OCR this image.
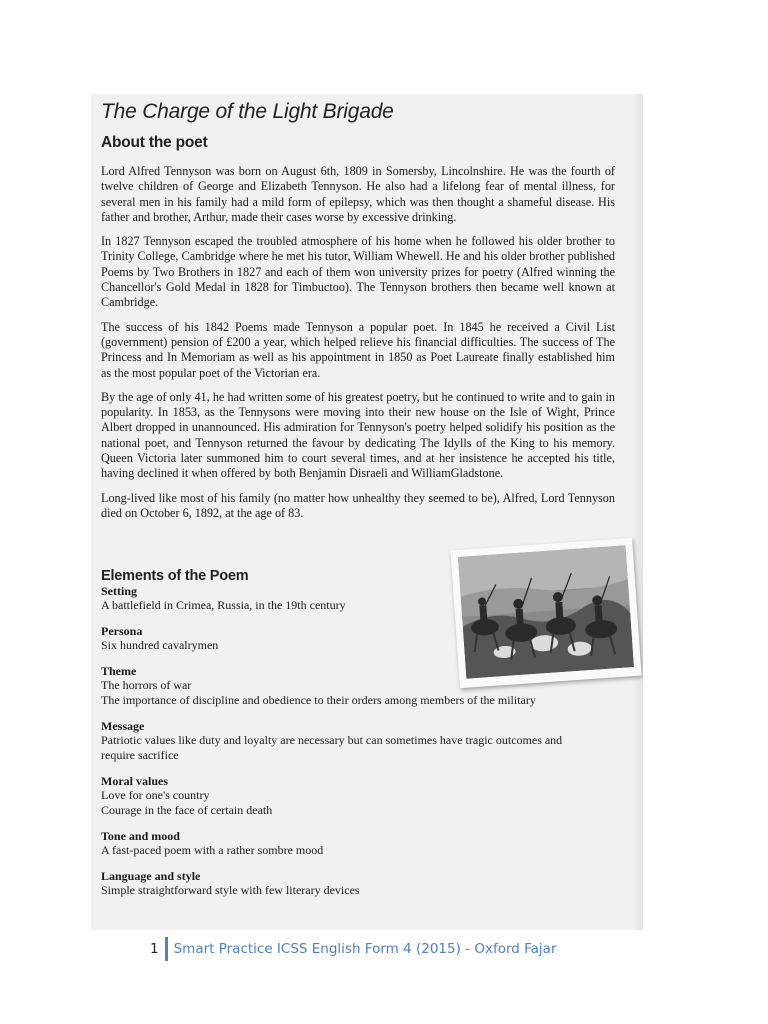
The Charge of the Light Brigade
About the poet

Lord Alfred Tennyson was born on August 6th, 1809 in Somersby, Lincolnshire. He was the fourth of twelve children of George and Elizabeth Tennyson. He also had a lifelong fear of mental illness, for several men in his family had a mild form of epilepsy, which was then thought a shameful disease. His father and brother, Arthur, made their cases worse by excessive drinking.

In 1827 Tennyson escaped the troubled atmosphere of his home when he followed his older brother to Trinity College, Cambridge where he met his tutor, William Whewell. He and his older brother published Poems by Two Brothers in 1827 and each of them won university prizes for poetry (Alfred winning the Chancellor's Gold Medal in 1828 for Timbuctoo). The Tennyson brothers then became well known at Cambridge.

The success of his 1842 Poems made Tennyson a popular poet. In 1845 he received a Civil List (government) pension of £200 a year, which helped relieve his financial difficulties. The success of The Princess and In Memoriam as well as his appointment in 1850 as Poet Laureate finally established him as the most popular poet of the Victorian era.

By the age of only 41, he had written some of his greatest poetry, but he continued to write and to gain in popularity. In 1853, as the Tennysons were moving into their new house on the Isle of Wight, Prince Albert dropped in unannounced. His admiration for Tennyson's poetry helped solidify his position as the national poet, and Tennyson returned the favour by dedicating The Idylls of the King to his memory. Queen Victoria later summoned him to court several times, and at her insistence he accepted his title, having declined it when offered by both Benjamin Disraeli and WilliamGladstone.

Long-lived like most of his family (no matter how unhealthy they seemed to be), Alfred, Lord Tennyson died on October 6, 1892, at the age of 83.

Elements of the Poem
Setting
A battlefield in Crimea, Russia, in the 19th century
Persona
Six hundred cavalrymen
Theme
The horrors of war
The importance of discipline and obedience to their orders among members of the military
Message
Patriotic values like duty and loyalty are necessary but can sometimes have tragic outcomes and
require sacrifice
Moral values
Love for one's country
Courage in the face of certain death
Tone and mood
A fast-paced poem with a rather sombre mood
Language and style
Simple straightforward style with few literary devices
1 Smart Practice ICSS English Form 4 (2015) - Oxford Fajar
